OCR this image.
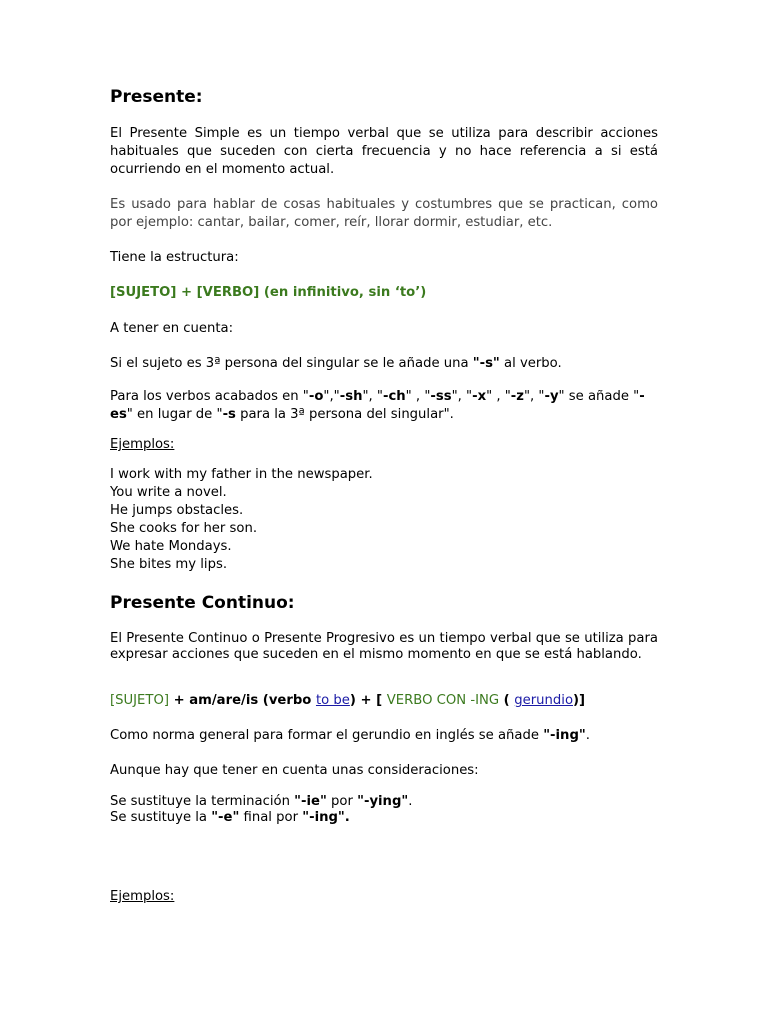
Presente:

El Presente Simple es un tiempo verbal que se utiliza para describir acciones habituales que suceden con cierta frecuencia y no hace referencia a si está ocurriendo en el momento actual.

Es usado para hablar de cosas habituales y costumbres que se practican, como por ejemplo: cantar, bailar, comer, reír, llorar dormir, estudiar, etc.

Tiene la estructura:

[SUJETO] + [VERBO] (en infinitivo, sin ‘to’)

A tener en cuenta:

Si el sujeto es 3ª persona del singular se le añade una "-s" al verbo.

Para los verbos acabados en "-o","-sh", "-ch" , "-ss", "-x" , "-z", "-y" se añade "-es" en lugar de "-s para la 3ª persona del singular".

Ejemplos:

I work with my father in the newspaper.
You write a novel.
He jumps obstacles.
She cooks for her son.
We hate Mondays.
She bites my lips.
Presente Continuo:

El Presente Continuo o Presente Progresivo es un tiempo verbal que se utiliza para expresar acciones que suceden en el mismo momento en que se está hablando.

[SUJETO] + am/are/is (verbo to be) + [ VERBO CON -ING ( gerundio)]

Como norma general para formar el gerundio en inglés se añade "-ing".

Aunque hay que tener en cuenta unas consideraciones:

Se sustituye la terminación "-ie" por "-ying".
Se sustituye la "-e" final por "-ing".

Ejemplos:
